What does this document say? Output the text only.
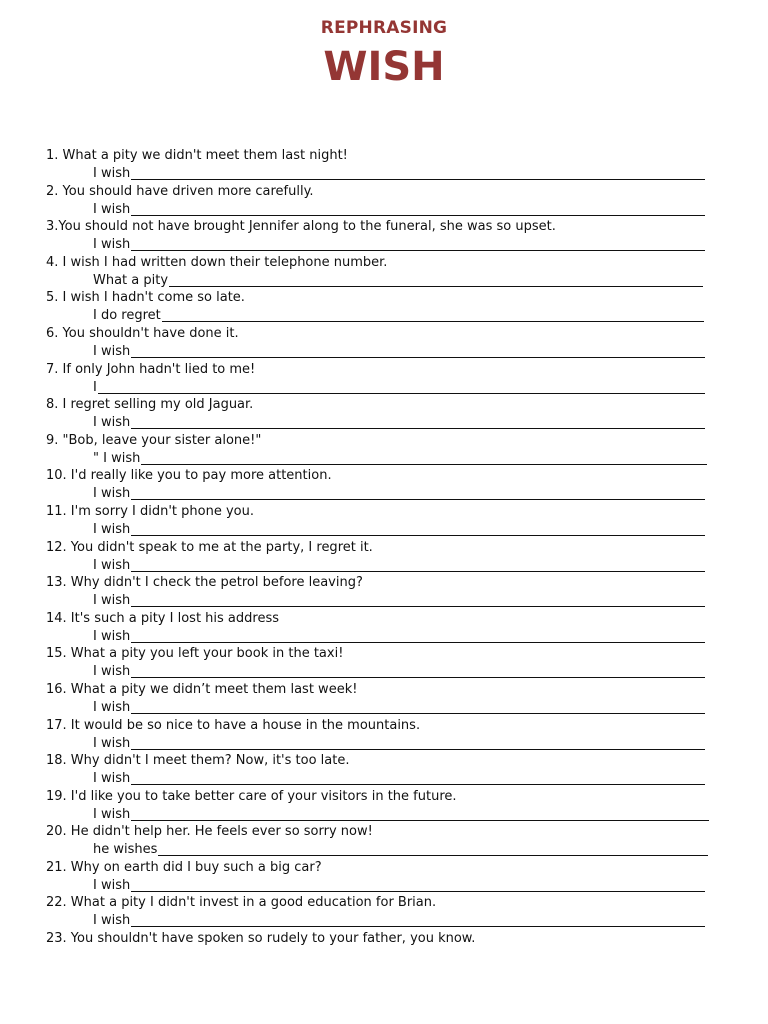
REPHRASING
WISH
1. What a pity we didn't meet them last night!
I wish
2. You should have driven more carefully.
I wish
3.You should not have brought Jennifer along to the funeral, she was so upset.
I wish
4. I wish I had written down their telephone number.
What a pity
5. I wish I hadn't come so late.
I do regret
6. You shouldn't have done it.
I wish
7. If only John hadn't lied to me!
I
8. I regret selling my old Jaguar.
I wish
9. "Bob, leave your sister alone!"
" I wish
10. I'd really like you to pay more attention.
I wish
11. I'm sorry I didn't phone you.
I wish
12. You didn't speak to me at the party, I regret it.
I wish
13. Why didn't I check the petrol before leaving?
I wish
14. It's such a pity I lost his address
I wish
15. What a pity you left your book in the taxi!
I wish
16. What a pity we didn’t meet them last week!
I wish
17. It would be so nice to have a house in the mountains.
I wish
18. Why didn't I meet them? Now, it's too late.
I wish
19. I'd like you to take better care of your visitors in the future.
I wish
20. He didn't help her. He feels ever so sorry now!
he wishes
21. Why on earth did I buy such a big car?
I wish
22. What a pity I didn't invest in a good education for Brian.
I wish
23. You shouldn't have spoken so rudely to your father, you know.
